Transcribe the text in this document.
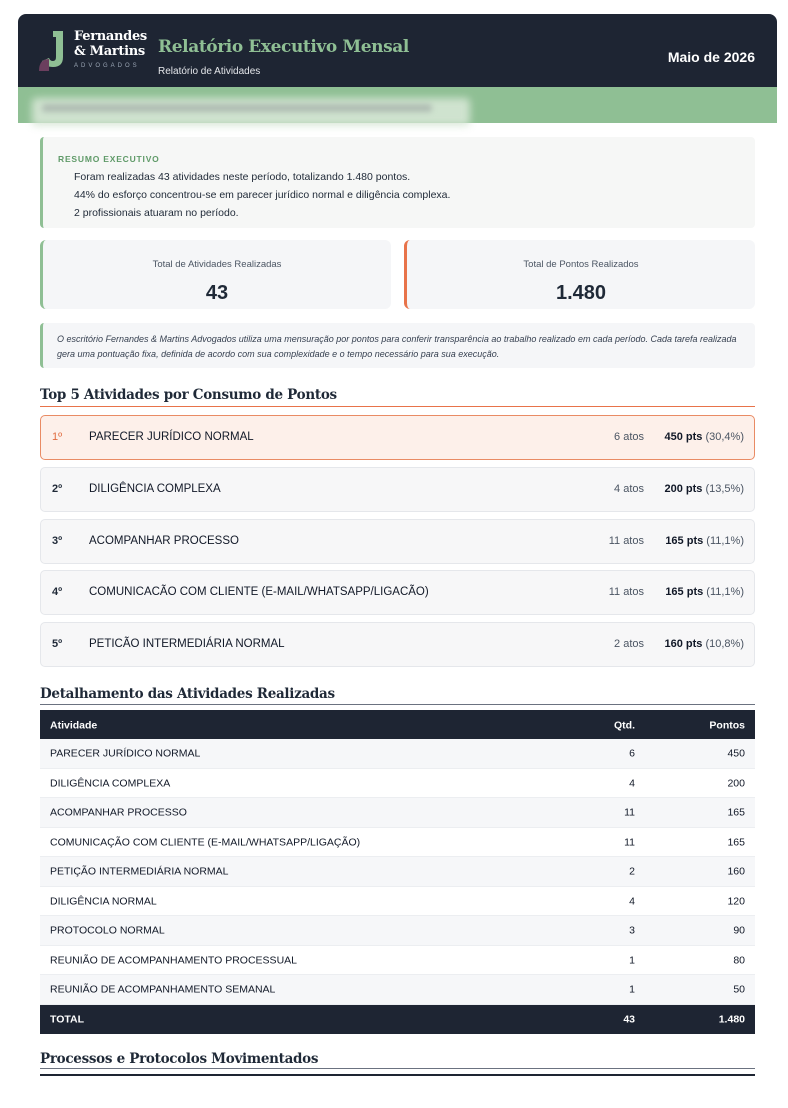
Fernandes
& Martins
ADVOGADOS
Relatório Executivo Mensal
Relatório de Atividades
Maio de 2026
RESUMO EXECUTIVO
Foram realizadas 43 atividades neste período, totalizando 1.480 pontos.
44% do esforço concentrou-se em parecer jurídico normal e diligência complexa.
2 profissionais atuaram no período.
Total de Atividades Realizadas
43
Total de Pontos Realizados
1.480
O escritório Fernandes & Martins Advogados utiliza uma mensuração por pontos para conferir transparência ao trabalho realizado em cada período. Cada tarefa realizada gera uma pontuação fixa, definida de acordo com sua complexidade e o tempo necessário para sua execução.
Top 5 Atividades por Consumo de Pontos
1º PARECER JURÍDICO NORMAL	6 atos 450 pts (30,4%)
2º DILIGÊNCIA COMPLEXA	4 atos 200 pts (13,5%)
3º ACOMPANHAR PROCESSO	11 atos 165 pts (11,1%)
4º COMUNICACÃO COM CLIENTE (E-MAIL/WHATSAPP/LIGACÃO)	11 atos 165 pts (11,1%)
5º PETICÃO INTERMEDIÁRIA NORMAL	2 atos 160 pts (10,8%)
Detalhamento das Atividades Realizadas
Atividade	Qtd.	Pontos
PARECER JURÍDICO NORMAL	6	450
DILIGÊNCIA COMPLEXA	4	200
ACOMPANHAR PROCESSO	11	165
COMUNICAÇÃO COM CLIENTE (E-MAIL/WHATSAPP/LIGAÇÃO)	11	165
PETIÇÃO INTERMEDIÁRIA NORMAL	2	160
DILIGÊNCIA NORMAL	4	120
PROTOCOLO NORMAL	3	90
REUNIÃO DE ACOMPANHAMENTO PROCESSUAL	1	80
REUNIÃO DE ACOMPANHAMENTO SEMANAL	1	50
TOTAL	43	1.480
Processos e Protocolos Movimentados
